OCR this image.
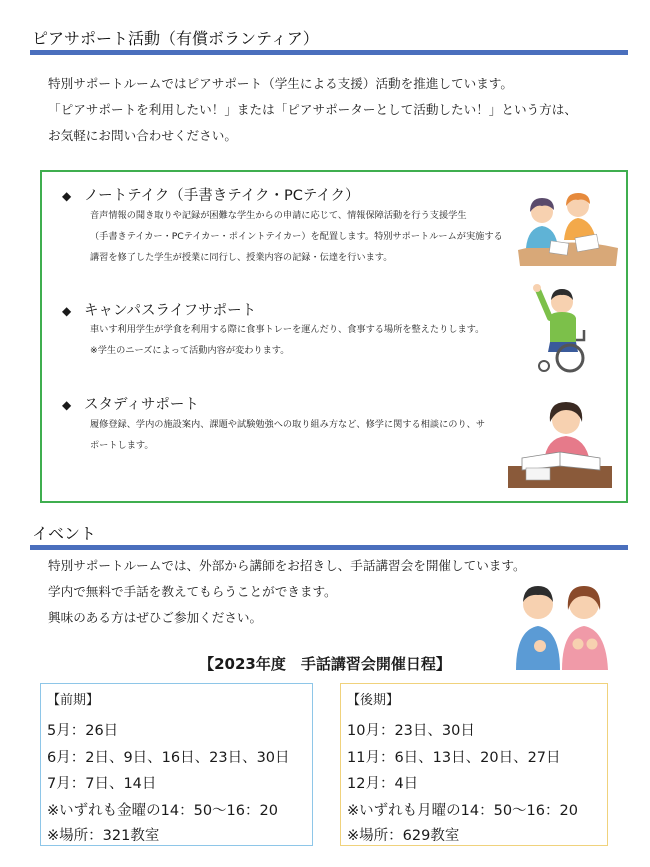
ピアサポート活動（有償ボランティア）

特別サポートルームではピアサポート（学生による支援）活動を推進しています。

「ピアサポートを利用したい！」または「ピアサポーターとして活動したい！」という方は、

お気軽にお問い合わせください。

◆ ノートテイク（手書きテイク・PCテイク）

音声情報の聞き取りや記録が困難な学生からの申請に応じて、情報保障活動を行う支援学生

（手書きテイカー・PCテイカー・ポイントテイカー）を配置します。特別サポートルームが実施する

講習を修了した学生が授業に同行し、授業内容の記録・伝達を行います。

◆ キャンパスライフサポート

車いす利用学生が学食を利用する際に食事トレーを運んだり、食事する場所を整えたりします。

※学生のニーズによって活動内容が変わります。

◆ スタディサポート

履修登録、学内の施設案内、課題や試験勉強への取り組み方など、修学に関する相談にのり、サ

ポートします。

イベント

特別サポートルームでは、外部から講師をお招きし、手話講習会を開催しています。

学内で無料で手話を教えてもらうことができます。

興味のある方はぜひご参加ください。

【2023年度　手話講習会開催日程】
【前期】
5月：26日
6月：2日、9日、16日、23日、30日
7月：7日、14日
※いずれも金曜の14：50～16：20
※場所：321教室
【後期】
10月：23日、30日
11月：6日、13日、20日、27日
12月：4日
※いずれも月曜の14：50～16：20
※場所：629教室
